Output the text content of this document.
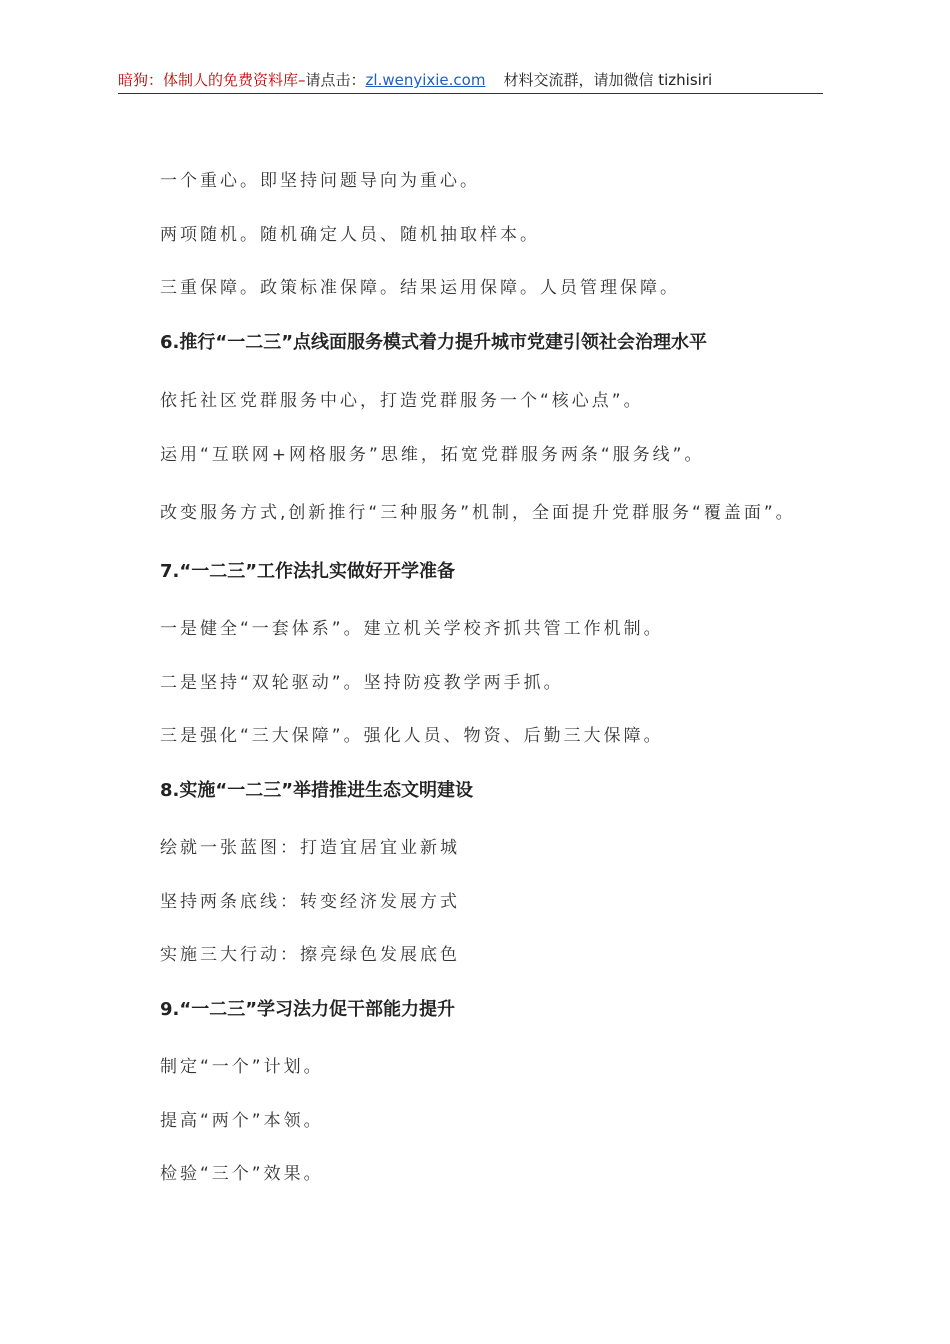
暗狗：体制人的免费资料库–请点击：zl.wenyixie.com 材料交流群，请加微信 tizhisiri
一个重心。即坚持问题导向为重心。
两项随机。随机确定人员、随机抽取样本。
三重保障。政策标准保障。结果运用保障。人员管理保障。
6.推行“一二三”点线面服务模式着力提升城市党建引领社会治理水平
依托社区党群服务中心，打造党群服务一个“核心点”。
运用“互联网+网格服务”思维，拓宽党群服务两条“服务线”。
改变服务方式,创新推行“三种服务”机制，全面提升党群服务“覆盖面”。
7.“一二三”工作法扎实做好开学准备
一是健全“一套体系”。建立机关学校齐抓共管工作机制。
二是坚持“双轮驱动”。坚持防疫教学两手抓。
三是强化“三大保障”。强化人员、物资、后勤三大保障。
8.实施“一二三”举措推进生态文明建设
绘就一张蓝图：打造宜居宜业新城
坚持两条底线：转变经济发展方式
实施三大行动：擦亮绿色发展底色
9.“一二三”学习法力促干部能力提升
制定“一个”计划。
提高“两个”本领。
检验“三个”效果。
